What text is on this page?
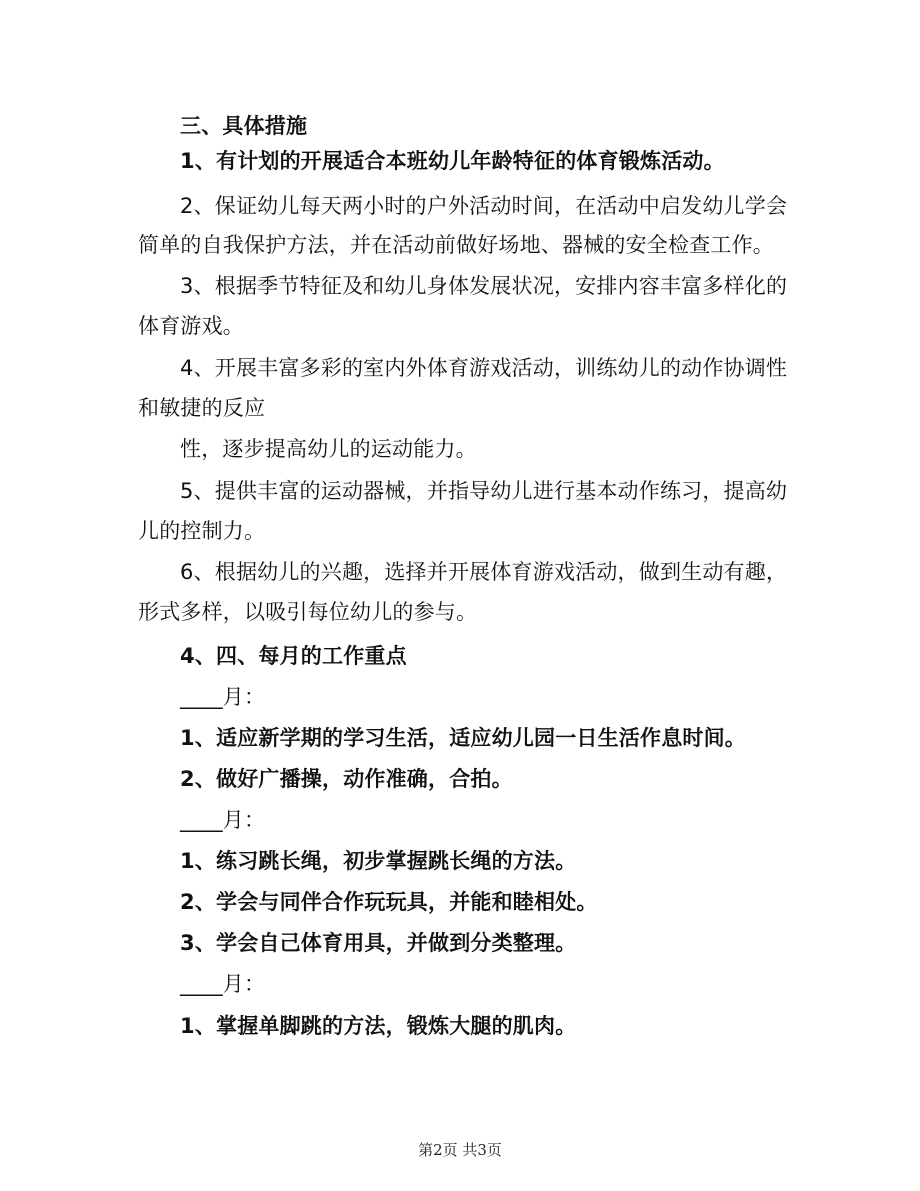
三、具体措施
1、有计划的开展适合本班幼儿年龄特征的体育锻炼活动。
2、保证幼儿每天两小时的户外活动时间，在活动中启发幼儿学会
简单的自我保护方法，并在活动前做好场地、器械的安全检查工作。
3、根据季节特征及和幼儿身体发展状况，安排内容丰富多样化的
体育游戏。
4、开展丰富多彩的室内外体育游戏活动，训练幼儿的动作协调性
和敏捷的反应
性，逐步提高幼儿的运动能力。
5、提供丰富的运动器械，并指导幼儿进行基本动作练习，提高幼
儿的控制力。
6、根据幼儿的兴趣，选择并开展体育游戏活动，做到生动有趣，
形式多样，以吸引每位幼儿的参与。
4、四、每月的工作重点
____月：
1、适应新学期的学习生活，适应幼儿园一日生活作息时间。
2、做好广播操，动作准确，合拍。
____月：
1、练习跳长绳，初步掌握跳长绳的方法。
2、学会与同伴合作玩玩具，并能和睦相处。
3、学会自己体育用具，并做到分类整理。
____月：
1、掌握单脚跳的方法，锻炼大腿的肌肉。
第2页 共3页
